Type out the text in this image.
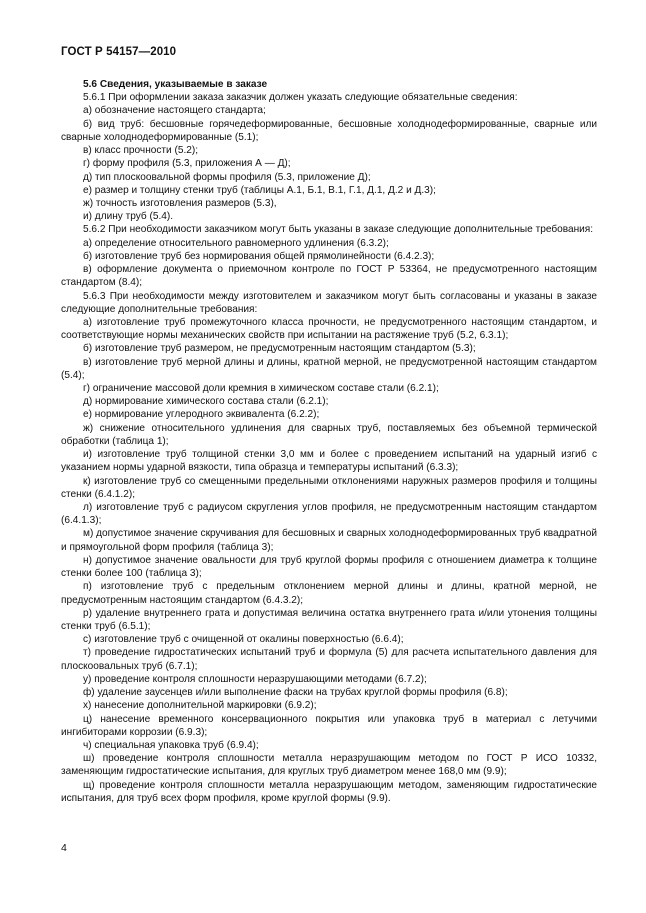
ГОСТ Р 54157—2010

5.6 Сведения, указываемые в заказе

5.6.1 При оформлении заказа заказчик должен указать следующие обязательные сведения:

а) обозначение настоящего стандарта;

б) вид труб: бесшовные горячедеформированные, бесшовные холоднодеформированные, сварные или сварные холоднодеформированные (5.1);

в) класс прочности (5.2);

г) форму профиля (5.3, приложения А — Д);

д) тип плоскоовальной формы профиля (5.3, приложение Д);

е) размер и толщину стенки труб (таблицы А.1, Б.1, В.1, Г.1, Д.1, Д.2 и Д.3);

ж) точность изготовления размеров (5.3),

и) длину труб (5.4).

5.6.2 При необходимости заказчиком могут быть указаны в заказе следующие дополнительные требования:

а) определение относительного равномерного удлинения (6.3.2);

б) изготовление труб без нормирования общей прямолинейности (6.4.2.3);

в) оформление документа о приемочном контроле по ГОСТ Р 53364, не предусмотренного настоящим стандартом (8.4);

5.6.3 При необходимости между изготовителем и заказчиком могут быть согласованы и указаны в заказе следующие дополнительные требования:

а) изготовление труб промежуточного класса прочности, не предусмотренного настоящим стандартом, и соответствующие нормы механических свойств при испытании на растяжение труб (5.2, 6.3.1);

б) изготовление труб размером, не предусмотренным настоящим стандартом (5.3);

в) изготовление труб мерной длины и длины, кратной мерной, не предусмотренной настоящим стандартом (5.4);

г) ограничение массовой доли кремния в химическом составе стали (6.2.1);

д) нормирование химического состава стали (6.2.1);

е) нормирование углеродного эквивалента (6.2.2);

ж) снижение относительного удлинения для сварных труб, поставляемых без объемной термической обработки (таблица 1);

и) изготовление труб толщиной стенки 3,0 мм и более с проведением испытаний на ударный изгиб с указанием нормы ударной вязкости, типа образца и температуры испытаний (6.3.3);

к) изготовление труб со смещенными предельными отклонениями наружных размеров профиля и толщины стенки (6.4.1.2);

л) изготовление труб с радиусом скругления углов профиля, не предусмотренным настоящим стандартом (6.4.1.3);

м) допустимое значение скручивания для бесшовных и сварных холоднодеформированных труб квадратной и прямоугольной форм профиля (таблица 3);

н) допустимое значение овальности для труб круглой формы профиля с отношением диаметра к толщине стенки более 100 (таблица 3);

п) изготовление труб с предельным отклонением мерной длины и длины, кратной мерной, не предусмотренным настоящим стандартом (6.4.3.2);

р) удаление внутреннего грата и допустимая величина остатка внутреннего грата и/или утонения толщины стенки труб (6.5.1);

с) изготовление труб с очищенной от окалины поверхностью (6.6.4);

т) проведение гидростатических испытаний труб и формула (5) для расчета испытательного давления для плоскоовальных труб (6.7.1);

у) проведение контроля сплошности неразрушающими методами (6.7.2);

ф) удаление заусенцев и/или выполнение фаски на трубах круглой формы профиля (6.8);

х) нанесение дополнительной маркировки (6.9.2);

ц) нанесение временного консервационного покрытия или упаковка труб в материал с летучими ингибиторами коррозии (6.9.3);

ч) специальная упаковка труб (6.9.4);

ш) проведение контроля сплошности металла неразрушающим методом по ГОСТ Р ИСО 10332, заменяющим гидростатические испытания, для круглых труб диаметром менее 168,0 мм (9.9);

щ) проведение контроля сплошности металла неразрушающим методом, заменяющим гидростатические испытания, для труб всех форм профиля, кроме круглой формы (9.9).

4
